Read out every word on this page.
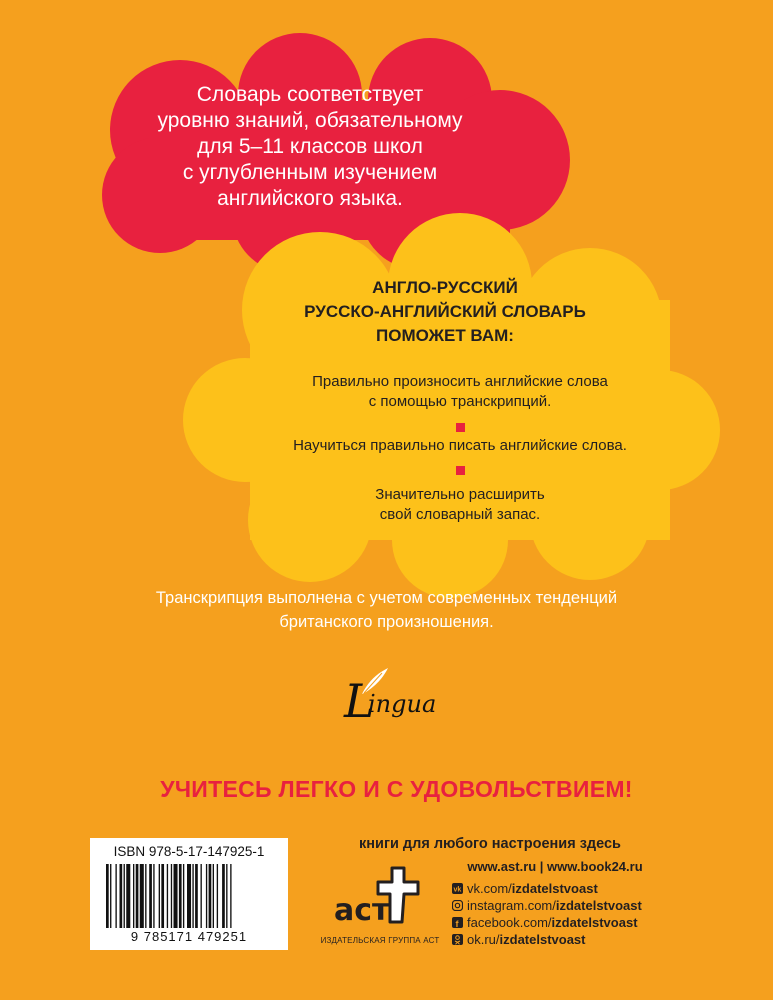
Словарь соответствует
уровню знаний, обязательному
для 5–11 классов школ
с углубленным изучением
английского языка.
АНГЛО-РУССКИЙ
РУССКО-АНГЛИЙСКИЙ СЛОВАРЬ
ПОМОЖЕТ ВАМ:
Правильно произносить английские слова
с помощью транскрипций.
Научиться правильно писать английские слова.
Значительно расширить
свой словарный запас.
Транскрипция выполнена с учетом современных тенденций
британского произношения.
L
ingua
УЧИТЕСЬ ЛЕГКО И С УДОВОЛЬСТВИЕМ!
ISBN 978-5-17-147925-1
9 785171 479251
книги для любого настроения здесь
www.ast.ru | www.book24.ru
vk vk.com/izdatelstvoast
instagram.com/izdatelstvoast
f facebook.com/izdatelstvoast
ok.ru/izdatelstvoast
аст
ИЗДАТЕЛЬСКАЯ ГРУППА АСТ
